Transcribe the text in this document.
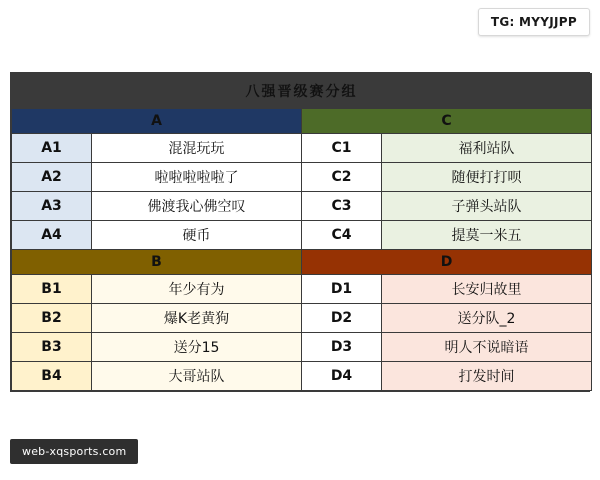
TG: MYYJJPP
八强晋级赛分组			
A		C	
A1	混混玩玩	C1	福利站队
A2	啦啦啦啦啦了	C2	随便打打呗
A3	佛渡我心佛空叹	C3	子弹头站队
A4	硬币	C4	提莫一米五
B		D	
B1	年少有为	D1	长安归故里
B2	爆K老黄狗	D2	送分队_2
B3	送分15	D3	明人不说暗语
B4	大哥站队	D4	打发时间
web-xqsports.com
